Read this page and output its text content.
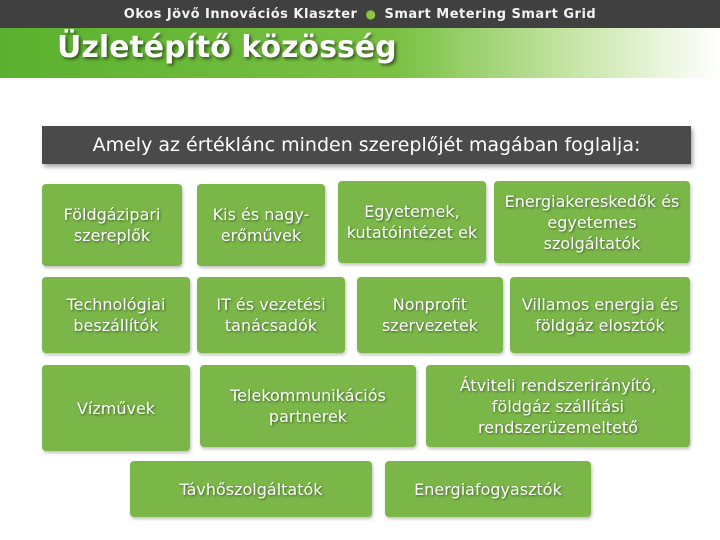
Okos Jövő Innovációs Klaszter ● Smart Metering Smart Grid
Üzletépítő közösség
Amely az értéklánc minden szereplőjét magában foglalja:
Földgázipari szereplők
Kis és nagy-erőművek
Egyetemek, kutatóintézet ek
Energiakereskedők és egyetemes szolgáltatók
Technológiai beszállítók
IT és vezetési tanácsadók
Nonprofit szervezetek
Villamos energia és földgáz elosztók
Vízművek
Telekommunikációs partnerek
Átviteli rendszerirányító, földgáz szállítási rendszerüzemeltető
Távhőszolgáltatók	Energiafogyasztók
